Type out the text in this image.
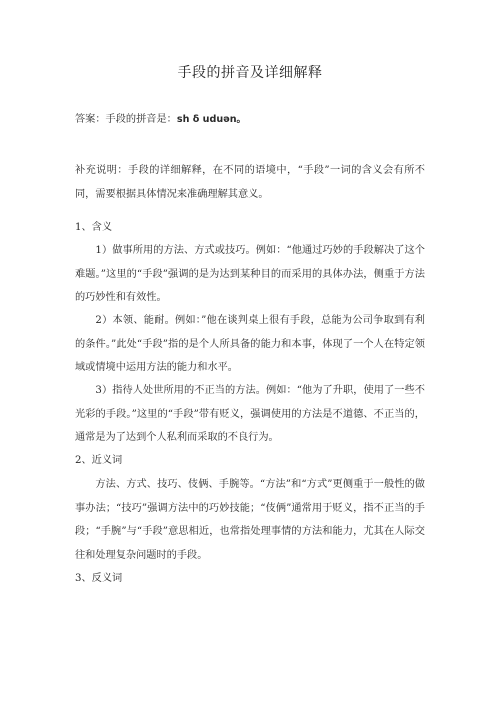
手段的拼音及详细解释
答案：手段的拼音是：sh δ uduən。
补充说明：手段的详细解释，在不同的语境中，“手段”一词的含义会有所不同，需要根据具体情况来准确理解其意义。
1、含义
1）做事所用的方法、方式或技巧。例如：“他通过巧妙的手段解决了这个难题。”这里的“手段”强调的是为达到某种目的而采用的具体办法，侧重于方法的巧妙性和有效性。
2）本领、能耐。例如：”他在谈判桌上很有手段，总能为公司争取到有利的条件。”此处“手段”指的是个人所具备的能力和本事，体现了一个人在特定领域或情境中运用方法的能力和水平。
3）指待人处世所用的不正当的方法。例如：“他为了升职，使用了一些不光彩的手段。”这里的“手段”带有贬义，强调使用的方法是不道德、不正当的，通常是为了达到个人私利而采取的不良行为。
2、近义词
方法、方式、技巧、伎俩、手腕等。“方法”和“方式”更侧重于一般性的做事办法；“技巧”强调方法中的巧妙技能；“伎俩”通常用于贬义，指不正当的手段；“手腕”与“手段”意思相近，也常指处理事情的方法和能力，尤其在人际交往和处理复杂问题时的手段。
3、反义词
